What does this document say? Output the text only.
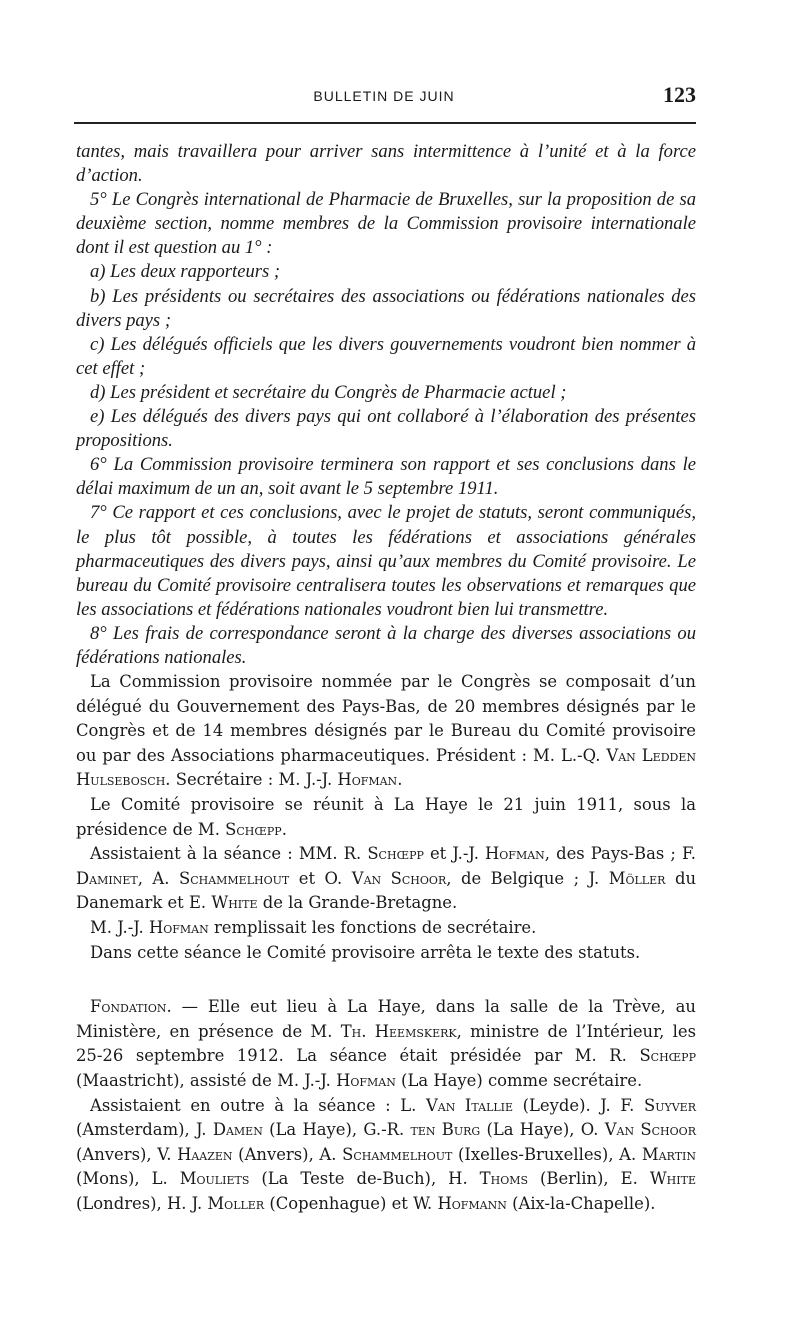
BULLETIN DE JUIN	123

tantes, mais travaillera pour arriver sans intermittence à l’unité et à la force d’action.

5° Le Congrès international de Pharmacie de Bruxelles, sur la proposition de sa deuxième section, nomme membres de la Commission provisoire internationale dont il est question au 1° :

a) Les deux rapporteurs ;

b) Les présidents ou secrétaires des associations ou fédérations nationales des divers pays ;

c) Les délégués officiels que les divers gouvernements voudront bien nommer à cet effet ;

d) Les président et secrétaire du Congrès de Pharmacie actuel ;

e) Les délégués des divers pays qui ont collaboré à l’élaboration des présentes propositions.

6° La Commission provisoire terminera son rapport et ses conclusions dans le délai maximum de un an, soit avant le 5 septembre 1911.

7° Ce rapport et ces conclusions, avec le projet de statuts, seront communiqués, le plus tôt possible, à toutes les fédérations et associations générales pharmaceutiques des divers pays, ainsi qu’aux membres du Comité provisoire. Le bureau du Comité provisoire centralisera toutes les observations et remarques que les associations et fédérations nationales voudront bien lui transmettre.

8° Les frais de correspondance seront à la charge des diverses associations ou fédérations nationales.

La Commission provisoire nommée par le Congrès se composait d’un délégué du Gouvernement des Pays-Bas, de 20 membres désignés par le Congrès et de 14 membres désignés par le Bureau du Comité provisoire ou par des Associations pharmaceutiques. Président : M. L.-Q. Van Ledden Hulsebosch. Secrétaire : M. J.-J. Hofman.

Le Comité provisoire se réunit à La Haye le 21 juin 1911, sous la présidence de M. Schœpp.

Assistaient à la séance : MM. R. Schœpp et J.-J. Hofman, des Pays-Bas ; F. Daminet, A. Schammelhout et O. Van Schoor, de Belgique ; J. Möller du Danemark et E. White de la Grande-Bretagne.

M. J.-J. Hofman remplissait les fonctions de secrétaire.

Dans cette séance le Comité provisoire arrêta le texte des statuts.

Fondation. — Elle eut lieu à La Haye, dans la salle de la Trève, au Ministère, en présence de M. Th. Heemskerk, ministre de l’Intérieur, les 25-26 septembre 1912. La séance était présidée par M. R. Schœpp (Maastricht), assisté de M. J.-J. Hofman (La Haye) comme secrétaire.

Assistaient en outre à la séance : L. Van Itallie (Leyde). J. F. Suyver (Amsterdam), J. Damen (La Haye), G.-R. ten Burg (La Haye), O. Van Schoor (Anvers), V. Haazen (Anvers), A. Schammelhout (Ixelles-Bruxelles), A. Martin (Mons), L. Mouliets (La Teste de-Buch), H. Thoms (Berlin), E. White (Londres), H. J. Moller (Copenhague) et W. Hofmann (Aix-la-Chapelle).
